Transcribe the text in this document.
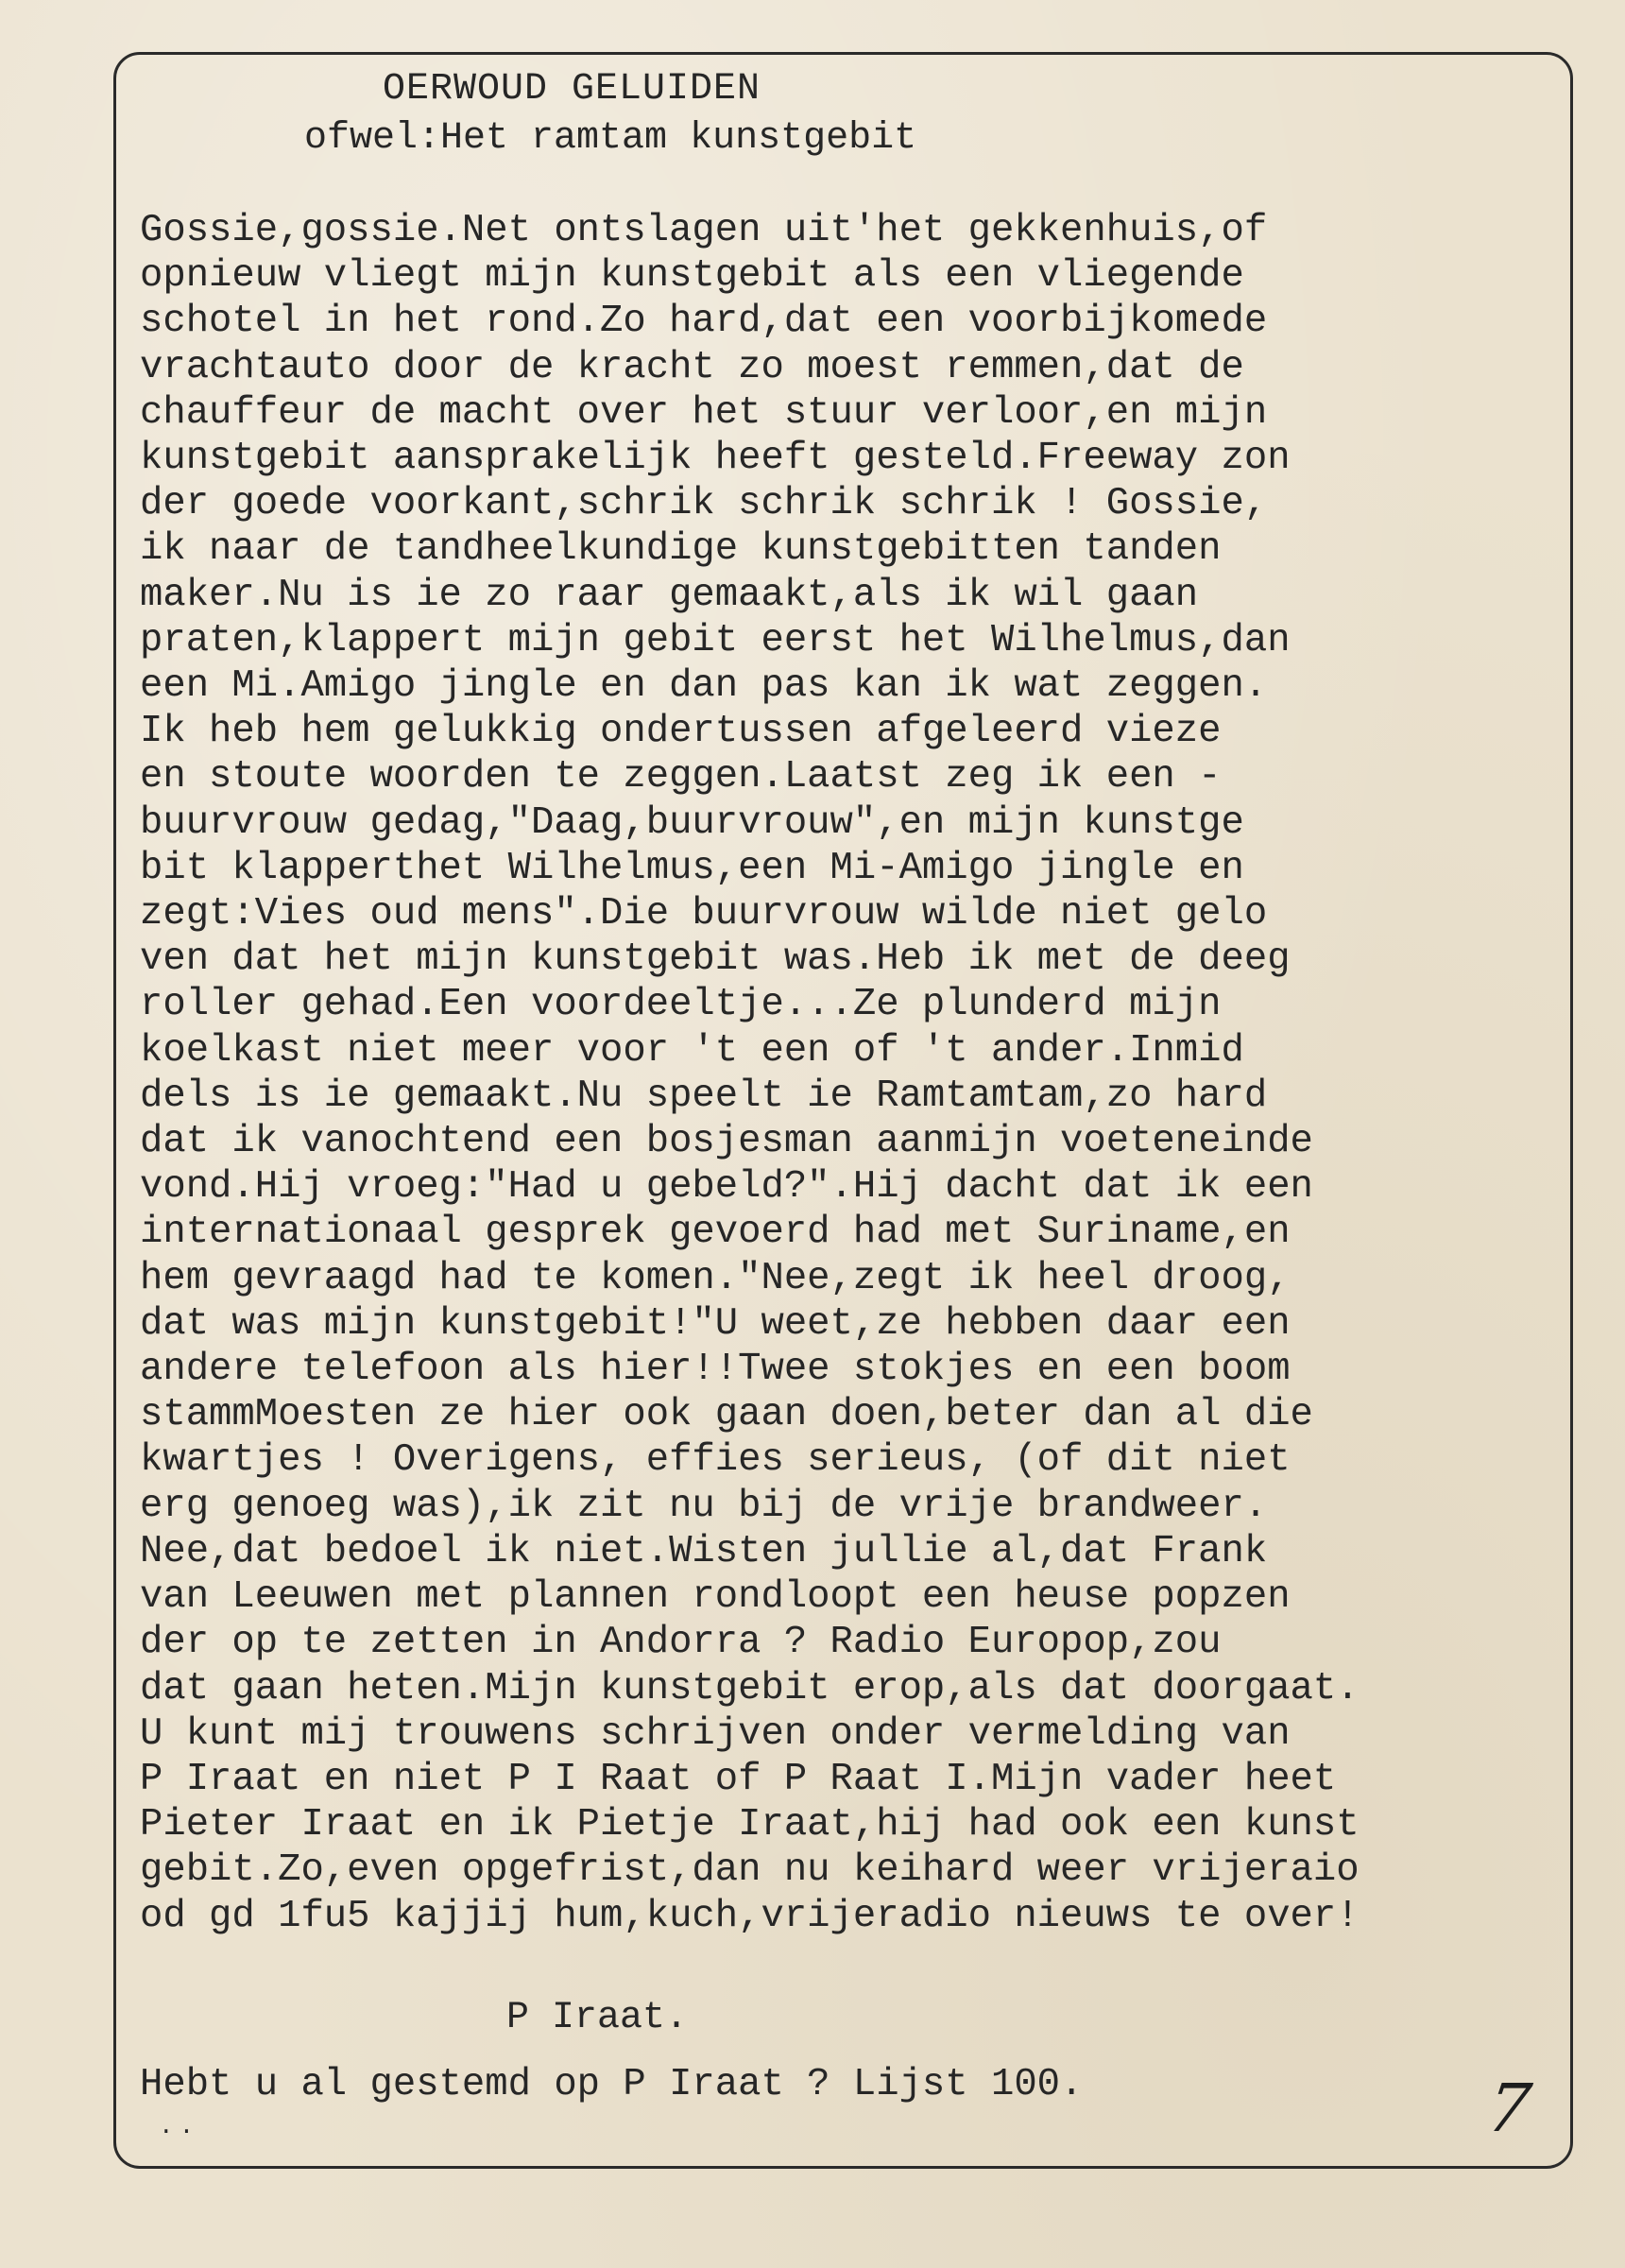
OERWOUD GELUIDEN
ofwel:Het ramtam kunstgebit
Gossie,gossie.Net ontslagen uit'het gekkenhuis,of
opnieuw vliegt mijn kunstgebit als een vliegende
schotel in het rond.Zo hard,dat een voorbijkomede
vrachtauto door de kracht zo moest remmen,dat de
chauffeur de macht over het stuur verloor,en mijn
kunstgebit aansprakelijk heeft gesteld.Freeway zon
der goede voorkant,schrik schrik schrik ! Gossie,
ik naar de tandheelkundige kunstgebitten tanden
maker.Nu is ie zo raar gemaakt,als ik wil gaan
praten,klappert mijn gebit eerst het Wilhelmus,dan
een Mi.Amigo jingle en dan pas kan ik wat zeggen.
Ik heb hem gelukkig ondertussen afgeleerd vieze
en stoute woorden te zeggen.Laatst zeg ik een -
buurvrouw gedag,"Daag,buurvrouw",en mijn kunstge
bit klapperthet Wilhelmus,een Mi-Amigo jingle en
zegt:Vies oud mens".Die buurvrouw wilde niet gelo
ven dat het mijn kunstgebit was.Heb ik met de deeg
roller gehad.Een voordeeltje...Ze plunderd mijn
koelkast niet meer voor 't een of 't ander.Inmid
dels is ie gemaakt.Nu speelt ie Ramtamtam,zo hard
dat ik vanochtend een bosjesman aanmijn voeteneinde
vond.Hij vroeg:"Had u gebeld?".Hij dacht dat ik een
internationaal gesprek gevoerd had met Suriname,en
hem gevraagd had te komen."Nee,zegt ik heel droog,
dat was mijn kunstgebit!"U weet,ze hebben daar een
andere telefoon als hier!!Twee stokjes en een boom
stammMoesten ze hier ook gaan doen,beter dan al die
kwartjes ! Overigens, effies serieus, (of dit niet
erg genoeg was),ik zit nu bij de vrije brandweer.
Nee,dat bedoel ik niet.Wisten jullie al,dat Frank
van Leeuwen met plannen rondloopt een heuse popzen
der op te zetten in Andorra ? Radio Europop,zou
dat gaan heten.Mijn kunstgebit erop,als dat doorgaat.
U kunt mij trouwens schrijven onder vermelding van
P Iraat en niet P I Raat of P Raat I.Mijn vader heet
Pieter Iraat en ik Pietje Iraat,hij had ook een kunst
gebit.Zo,even opgefrist,dan nu keihard weer vrijeraio
od gd 1fu5 kajjij hum,kuch,vrijeradio nieuws te over!
P Iraat.
Hebt u al gestemd op P Iraat ? Lijst 100.
..	7
